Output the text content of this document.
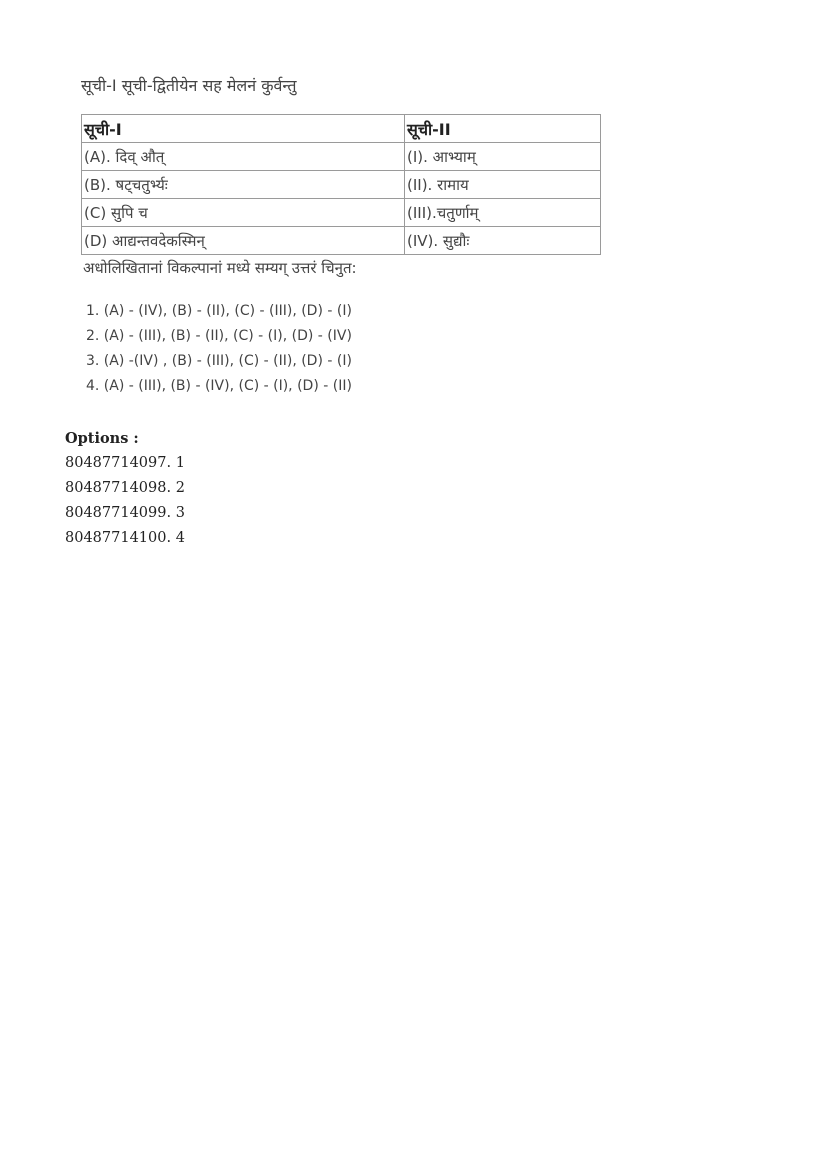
सूची-I सूची-द्वितीयेन सह मेलनं कुर्वन्तु
सूची-I	सूची-II
(A). दिव् औत्	(I). आभ्याम्
(B). षट्चतुर्भ्यः	(II). रामाय
(C) सुपि च	(III).चतुर्णाम्
(D) आद्यन्तवदेकस्मिन्	(IV). सुद्यौः
अधोलिखितानां विकल्पानां मध्ये सम्यग् उत्तरं चिनुत:
1. (A) - (IV), (B) - (II), (C) - (III), (D) - (I)
2. (A) - (III), (B) - (II), (C) - (I), (D) - (IV)
3. (A) -(IV) , (B) - (III), (C) - (II), (D) - (I)
4. (A) - (III), (B) - (IV), (C) - (I), (D) - (II)
Options :
80487714097. 1
80487714098. 2
80487714099. 3
80487714100. 4
